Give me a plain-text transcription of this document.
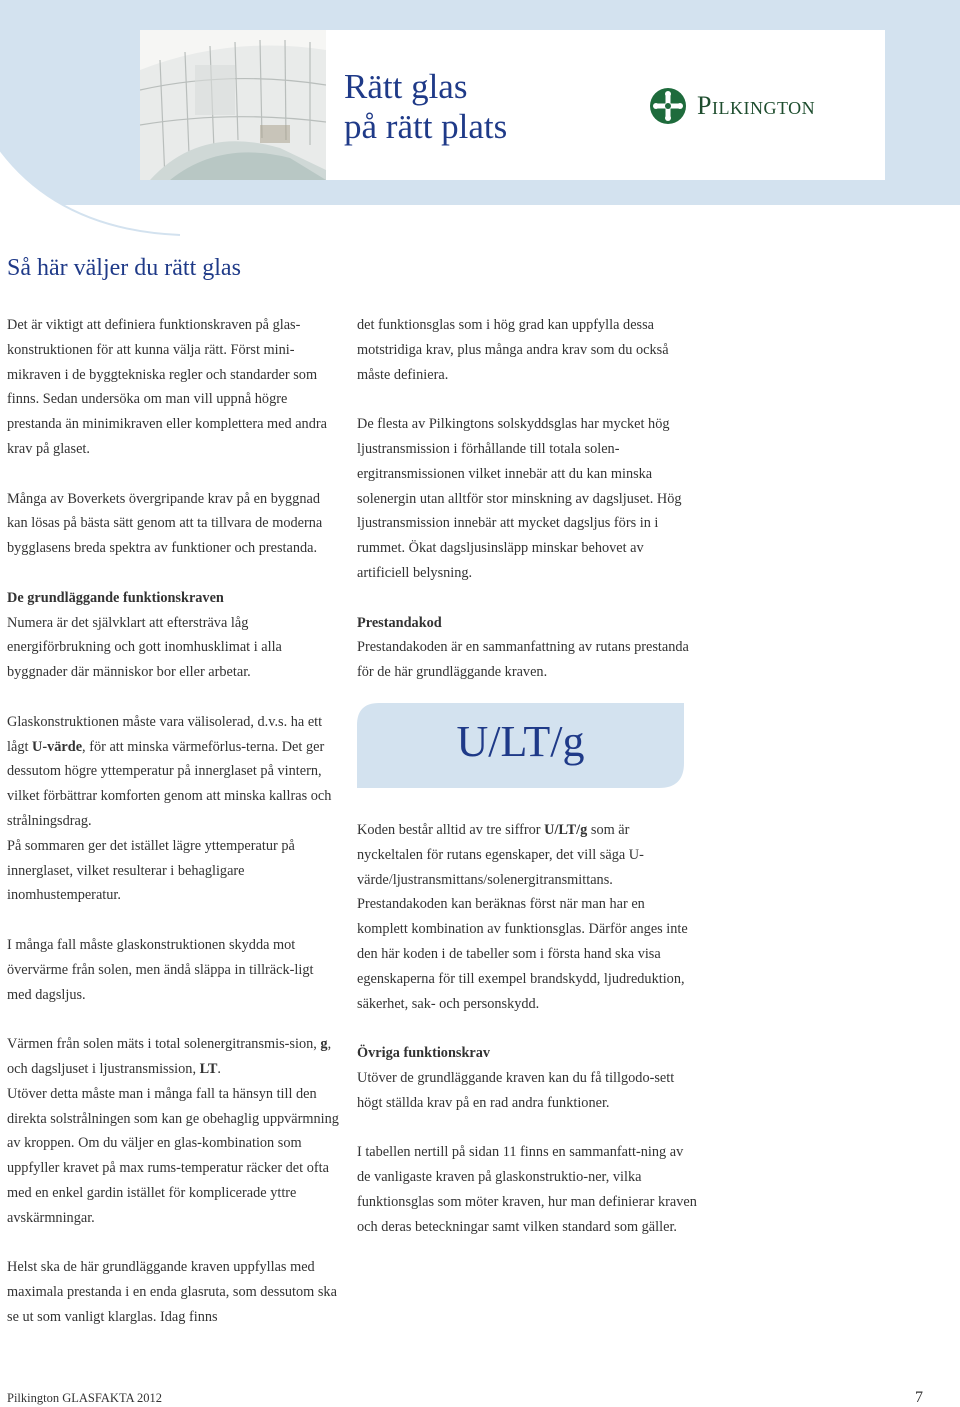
Rätt glas
på rätt plats
Pilkington
Så här väljer du rätt glas

Det är viktigt att definiera funktionskraven på glas-konstruktionen för att kunna välja rätt. Först mini-mikraven i de byggtekniska regler och standarder som finns. Sedan undersöka om man vill uppnå högre prestanda än minimikraven eller komplettera med andra krav på glaset.

Många av Boverkets övergripande krav på en byggnad kan lösas på bästa sätt genom att ta tillvara de moderna bygglasens breda spektra av funktioner och prestanda.

De grundläggande funktionskraven

Numera är det självklart att eftersträva låg energiförbrukning och gott inomhusklimat i alla byggnader där människor bor eller arbetar.

Glaskonstruktionen måste vara välisolerad, d.v.s. ha ett lågt U-värde, för att minska värmeförlus-terna. Det ger dessutom högre yttemperatur på innerglaset på vintern, vilket förbättrar komforten genom att minska kallras och strålningsdrag.

På sommaren ger det istället lägre yttemperatur på innerglaset, vilket resulterar i behagligare inomhustemperatur.

I många fall måste glaskonstruktionen skydda mot övervärme från solen, men ändå släppa in tillräck-ligt med dagsljus.

Värmen från solen mäts i total solenergitransmis-sion, g, och dagsljuset i ljustransmission, LT.

Utöver detta måste man i många fall ta hänsyn till den direkta solstrålningen som kan ge obehaglig uppvärmning av kroppen. Om du väljer en glas-kombination som uppfyller kravet på max rums-temperatur räcker det ofta med en enkel gardin istället för komplicerade yttre avskärmningar.

Helst ska de här grundläggande kraven uppfyllas med maximala prestanda i en enda glasruta, som dessutom ska se ut som vanligt klarglas. Idag finns

det funktionsglas som i hög grad kan uppfylla dessa motstridiga krav, plus många andra krav som du också måste definiera.

De flesta av Pilkingtons solskyddsglas har mycket hög ljustransmission i förhållande till totala solen-ergitransmissionen vilket innebär att du kan minska solenergin utan alltför stor minskning av dagsljuset. Hög ljustransmission innebär att mycket dagsljus förs in i rummet. Ökat dagsljusinsläpp minskar behovet av artificiell belysning.

Prestandakod

Prestandakoden är en sammanfattning av rutans prestanda för de här grundläggande kraven.

U/LT/g

Koden består alltid av tre siffror U/LT/g som är nyckeltalen för rutans egenskaper, det vill säga U-värde/ljustransmittans/solenergitransmittans. Prestandakoden kan beräknas först när man har en komplett kombination av funktionsglas. Därför anges inte den här koden i de tabeller som i första hand ska visa egenskaperna för till exempel brandskydd, ljudreduktion, säkerhet, sak- och personskydd.

Övriga funktionskrav

Utöver de grundläggande kraven kan du få tillgodo-sett högt ställda krav på en rad andra funktioner.

I tabellen nertill på sidan 11 finns en sammanfatt-ning av de vanligaste kraven på glaskonstruktio-ner, vilka funktionsglas som möter kraven, hur man definierar kraven och deras beteckningar samt vilken standard som gäller.

Pilkington GLASFAKTA 2012	7
